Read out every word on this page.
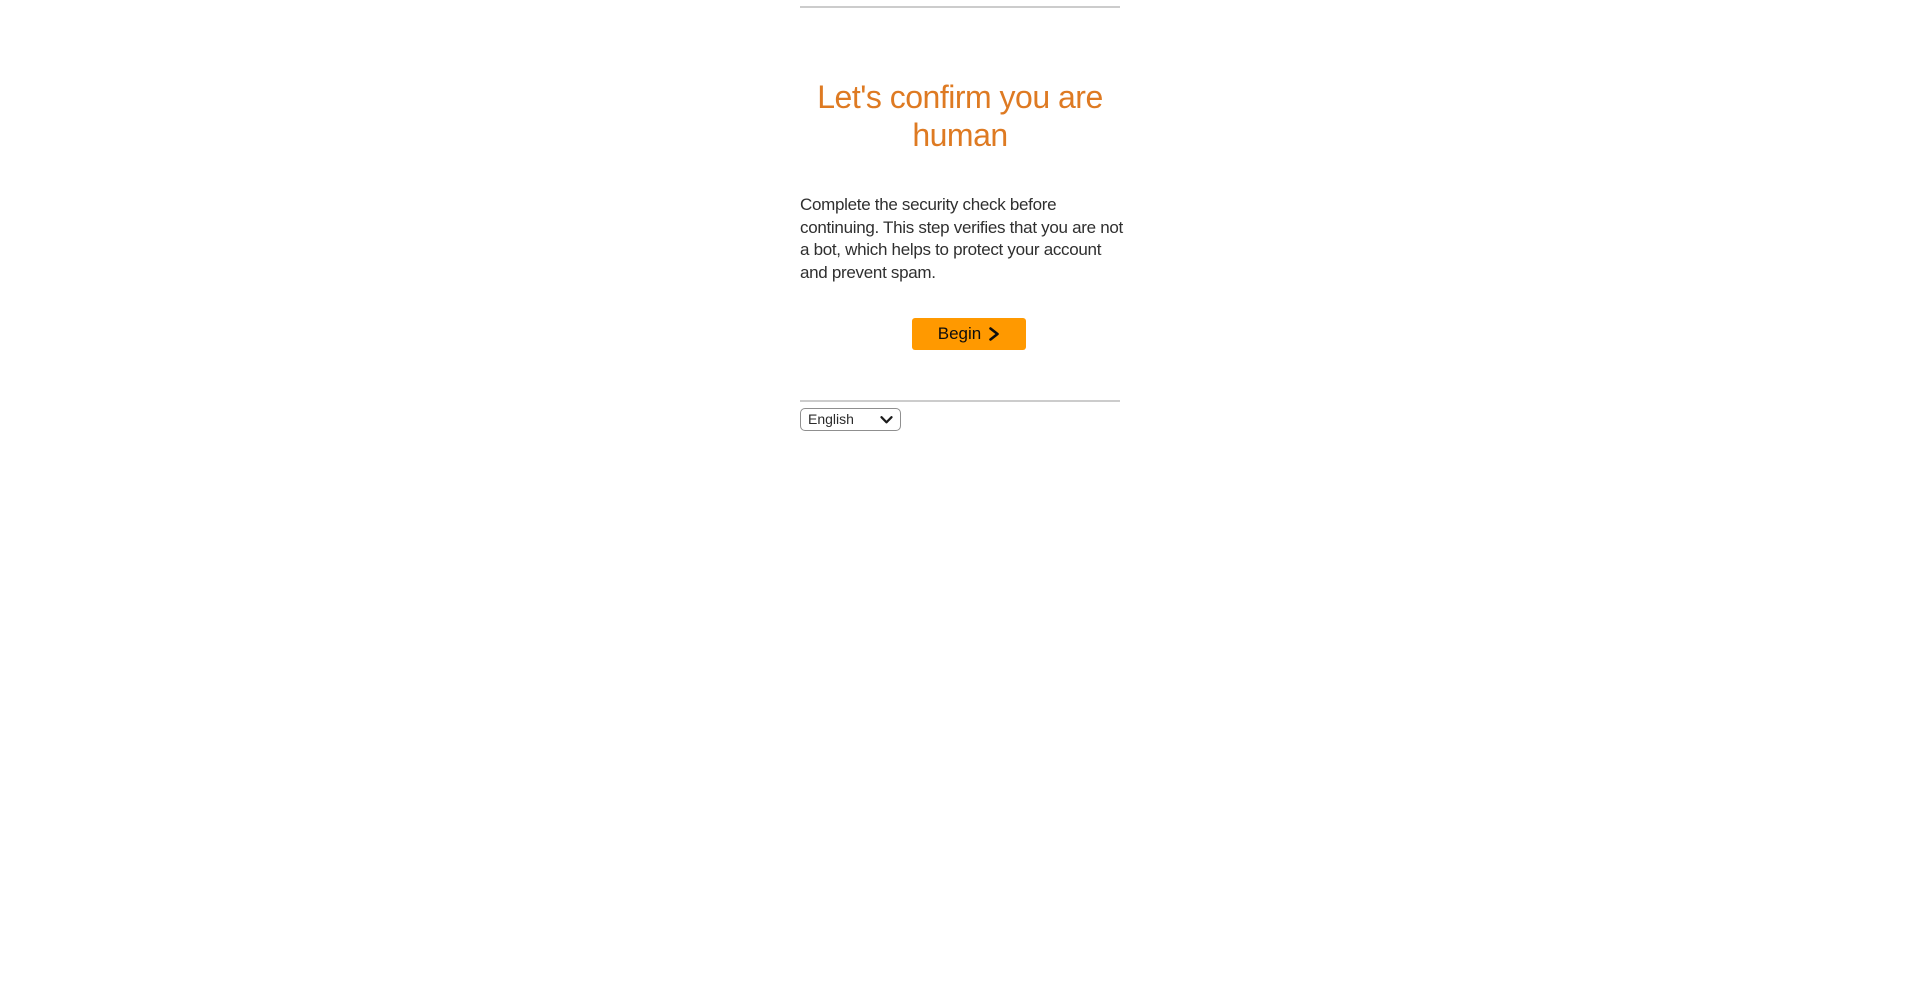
Let's confirm you are human
Complete the security check before
continuing. This step verifies that you are not
a bot, which helps to protect your account
and prevent spam.
Begin
English
